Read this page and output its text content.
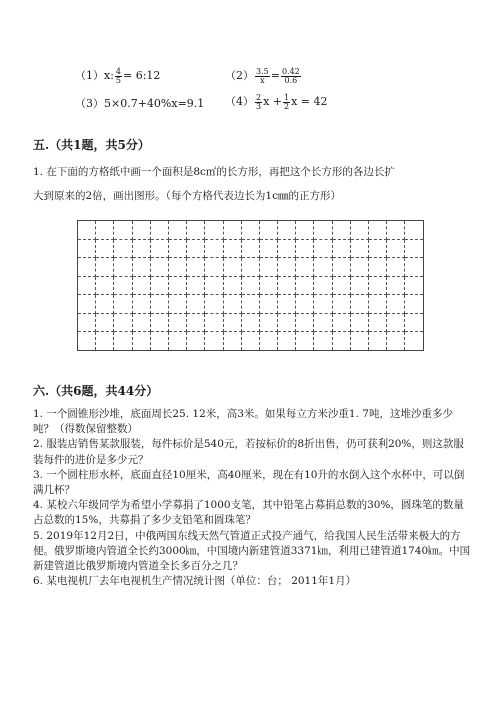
（1）x: $\frac{4}{5}$ = 6:12	$(2) \frac{3.5}{x} = \frac{0.42}{0.6}$
（3）5×0.7+40%x=9.1 $(4) \frac{2}{3}$ $x + \frac{1}{2}$ x = 42
五.（共1题，共5分）
1. 在下面的方格纸中画一个面积是8c㎡的长方形，再把这个长方形的各边长扩
大到原来的2倍，画出图形。（每个方格代表边长为1c㎜的正方形）

六.（共6题，共44分）
1. 一个圆锥形沙堆，底面周长25. 12米，高3米。如果每立方米沙重1. 7吨，这堆沙重多少吨？（得数保留整数）
2. 服装店销售某款服装，每件标价是540元，若按标价的8折出售，仍可获利20%，则这款服装每件的进价是多少元？
3. 一个圆柱形水杯，底面直径10厘米，高40厘米，现在有10升的水倒入这个水杯中，可以倒满几杯？
4. 某校六年级同学为希望小学募捐了1000支笔，其中铅笔占募捐总数的30%，圆珠笔的数量占总数的15%，共募捐了多少支铅笔和圆珠笔？
5. 2019年12月2日，中俄两国东线天然气管道正式投产通气，给我国人民生活带来极大的方便。俄罗斯境内管道全长约3000㎞，中国境内新建管道3371㎞，利用已建管道1740㎞。中国新建管道比俄罗斯境内管道全长多百分之几？
6. 某电视机厂去年电视机生产情况统计图（单位：台； 2011年1月）
